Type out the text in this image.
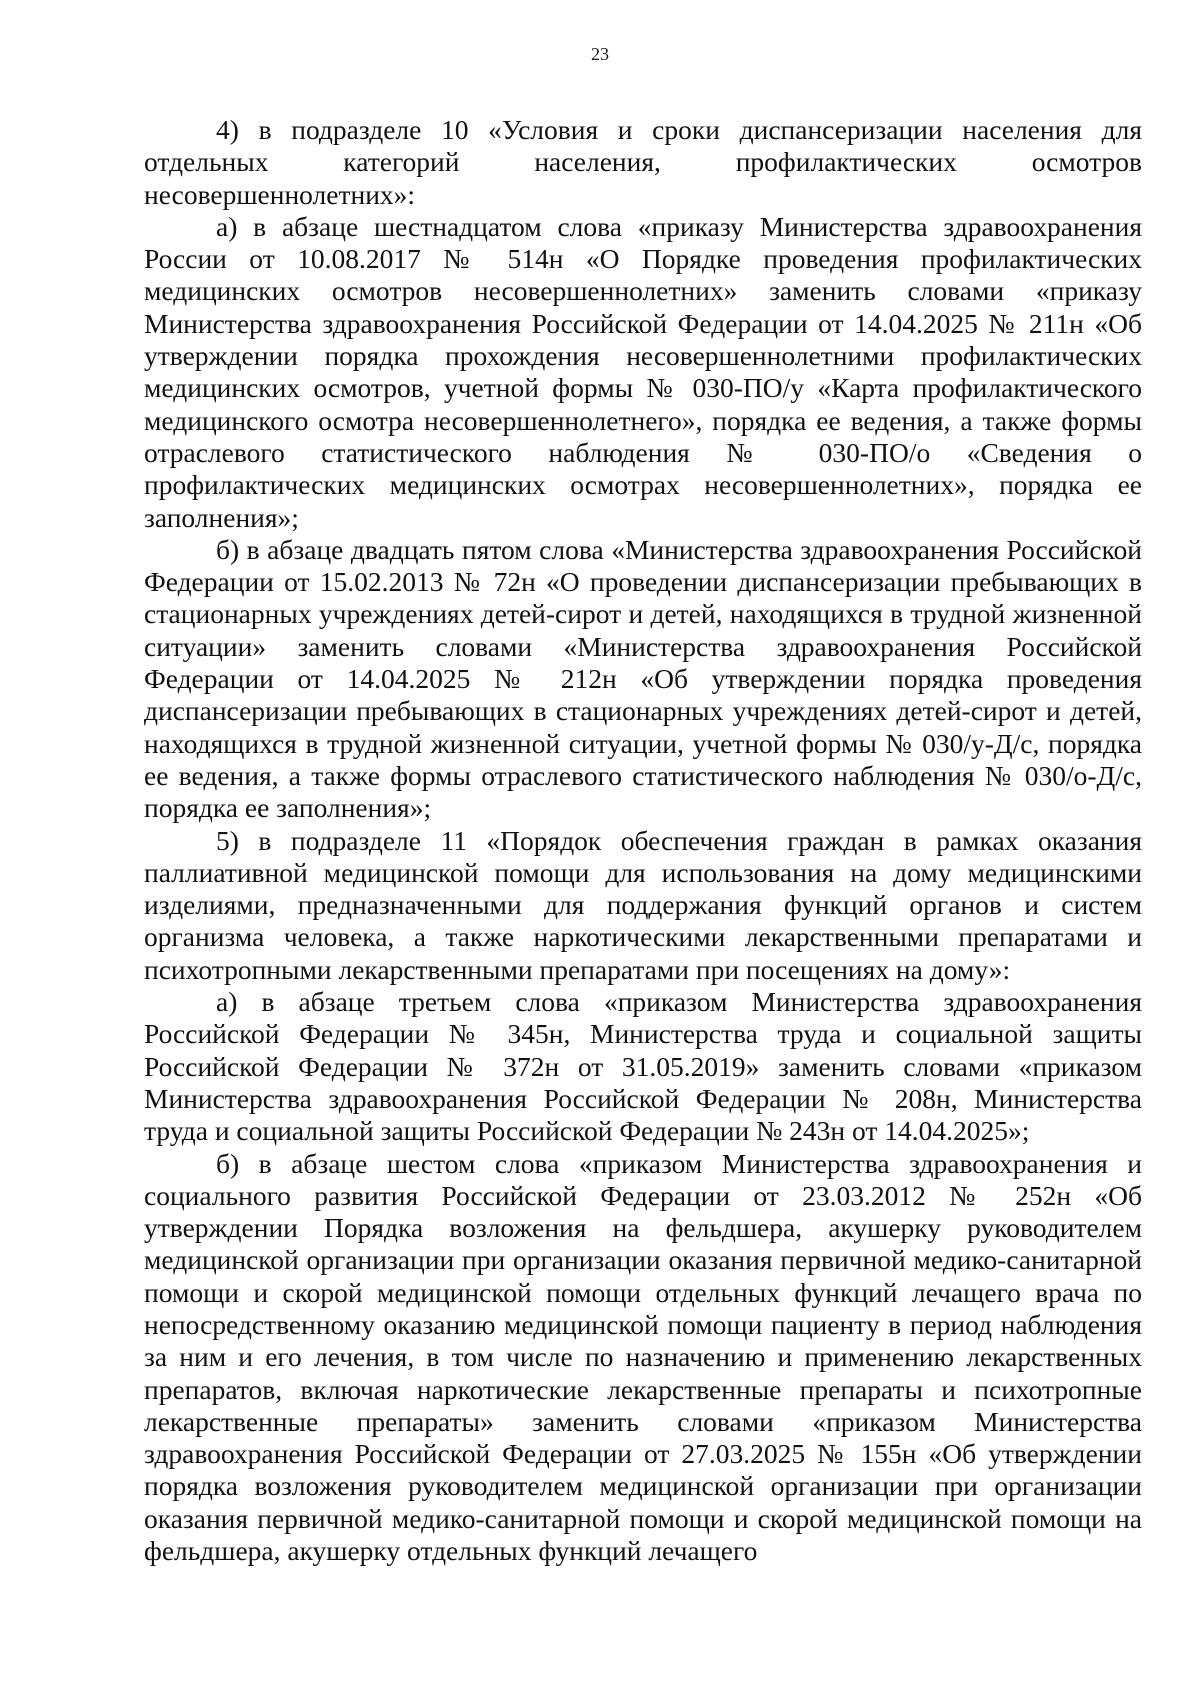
23

4) в подразделе 10 «Условия и сроки диспансеризации населения для отдельных категорий населения, профилактических осмотров несовершеннолетних»:

а) в абзаце шестнадцатом слова «приказу Министерства здравоохранения России от 10.08.2017 № 514н «О Порядке проведения профилактических медицинских осмотров несовершеннолетних» заменить словами «приказу Министерства здравоохранения Российской Федерации от 14.04.2025 № 211н «Об утверждении порядка прохождения несовершеннолетними профилактических медицинских осмотров, учетной формы № 030-ПО/у «Карта профилактического медицинского осмотра несовершеннолетнего», порядка ее ведения, а также формы отраслевого статистического наблюдения № 030-ПО/о «Сведения о профилактических медицинских осмотрах несовершеннолетних», порядка ее заполнения»;

б) в абзаце двадцать пятом слова «Министерства здравоохранения Российской Федерации от 15.02.2013 № 72н «О проведении диспансеризации пребывающих в стационарных учреждениях детей-сирот и детей, находящихся в трудной жизненной ситуации» заменить словами «Министерства здравоохранения Российской Федерации от 14.04.2025 № 212н «Об утверждении порядка проведения диспансеризации пребывающих в стационарных учреждениях детей-сирот и детей, находящихся в трудной жизненной ситуации, учетной формы № 030/у-Д/с, порядка ее ведения, а также формы отраслевого статистического наблюдения № 030/о-Д/с, порядка ее заполнения»;

5) в подразделе 11 «Порядок обеспечения граждан в рамках оказания паллиативной медицинской помощи для использования на дому медицинскими изделиями, предназначенными для поддержания функций органов и систем организма человека, а также наркотическими лекарственными препаратами и психотропными лекарственными препаратами при посещениях на дому»:

а) в абзаце третьем слова «приказом Министерства здравоохранения Российской Федерации № 345н, Министерства труда и социальной защиты Российской Федерации № 372н от 31.05.2019» заменить словами «приказом Министерства здравоохранения Российской Федерации № 208н, Министерства труда и социальной защиты Российской Федерации № 243н от 14.04.2025»;

б) в абзаце шестом слова «приказом Министерства здравоохранения и социального развития Российской Федерации от 23.03.2012 № 252н «Об утверждении Порядка возложения на фельдшера, акушерку руководителем медицинской организации при организации оказания первичной медико-санитарной помощи и скорой медицинской помощи отдельных функций лечащего врача по непосредственному оказанию медицинской помощи пациенту в период наблюдения за ним и его лечения, в том числе по назначению и применению лекарственных препаратов, включая наркотические лекарственные препараты и психотропные лекарственные препараты» заменить словами «приказом Министерства здравоохранения Российской Федерации от 27.03.2025 № 155н «Об утверждении порядка возложения руководителем медицинской организации при организации оказания первичной медико-санитарной помощи и скорой медицинской помощи на фельдшера, акушерку отдельных функций лечащего
